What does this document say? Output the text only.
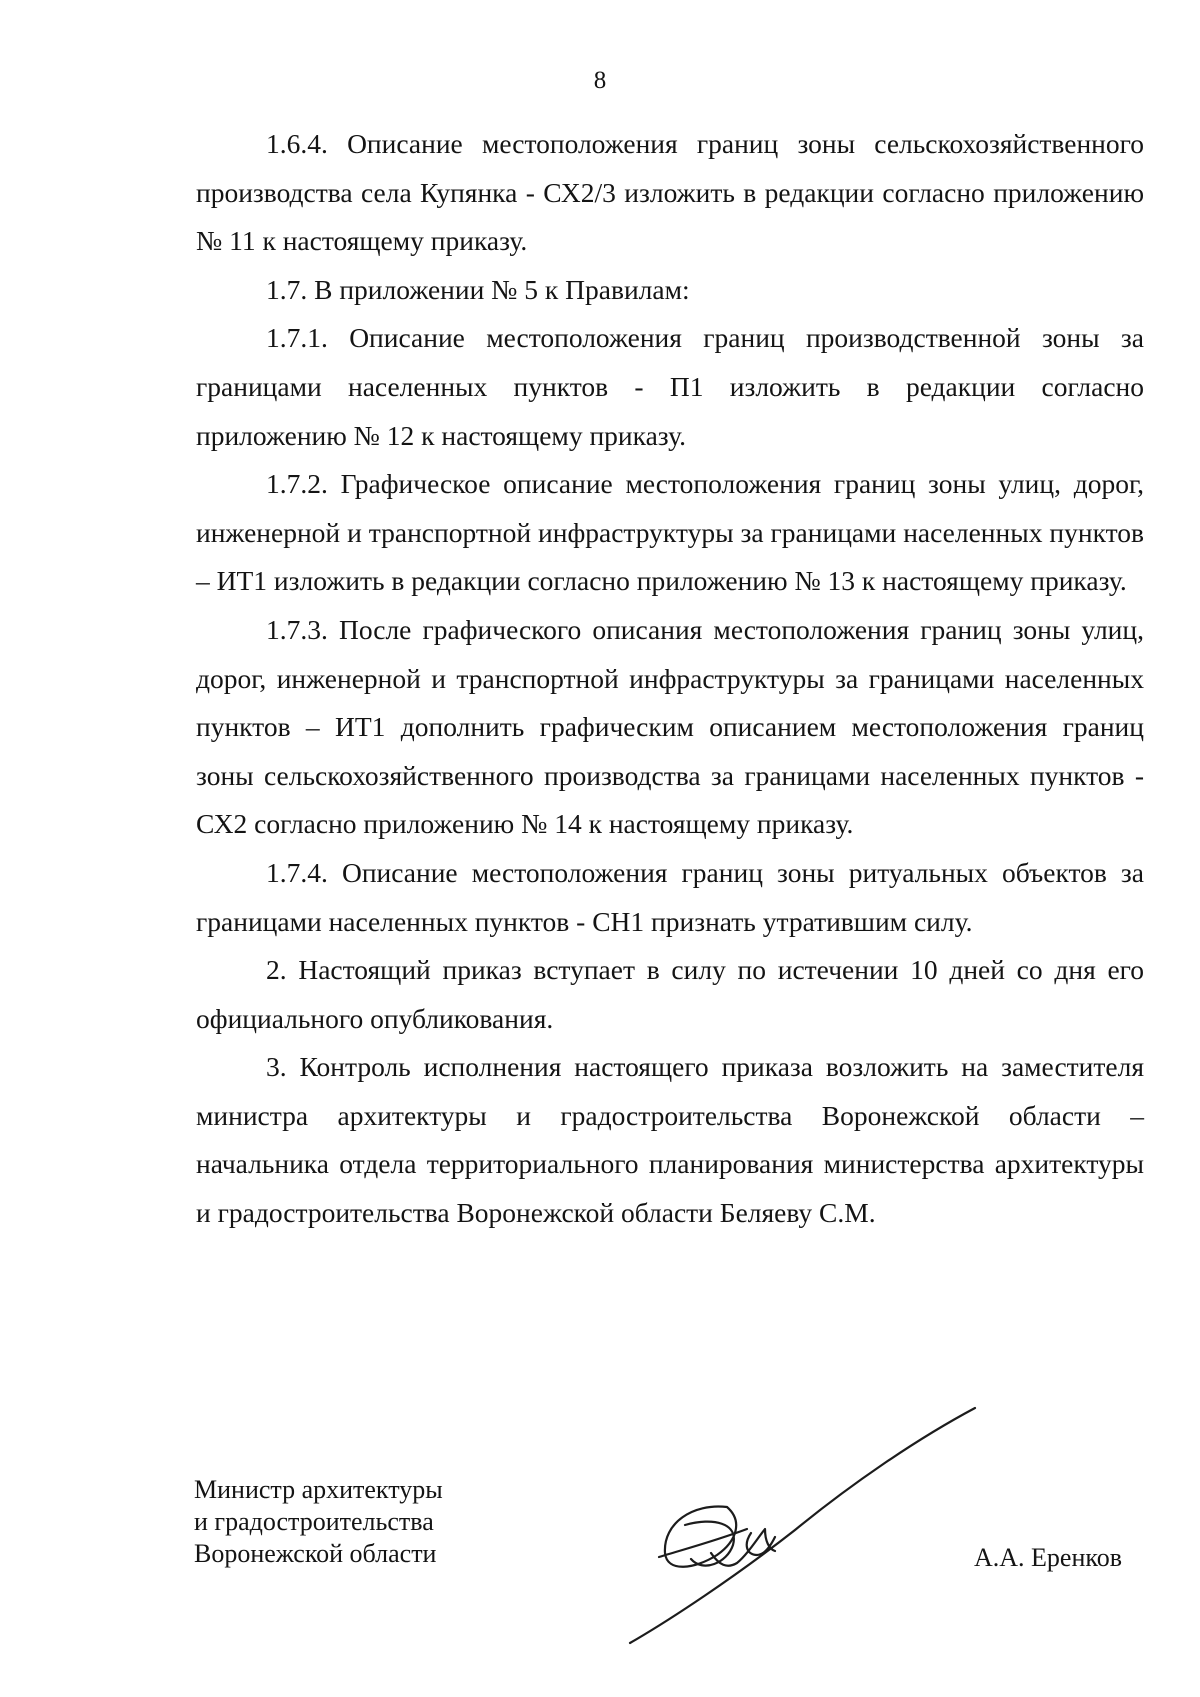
8

1.6.4. Описание местоположения границ зоны сельскохозяйственного производства села Купянка - СХ2/3 изложить в редакции согласно приложению № 11 к настоящему приказу.

1.7. В приложении № 5 к Правилам:

1.7.1. Описание местоположения границ производственной зоны за границами населенных пунктов - П1 изложить в редакции согласно приложению № 12 к настоящему приказу.

1.7.2. Графическое описание местоположения границ зоны улиц, дорог, инженерной и транспортной инфраструктуры за границами населенных пунктов – ИТ1 изложить в редакции согласно приложению № 13 к настоящему приказу.

1.7.3. После графического описания местоположения границ зоны улиц, дорог, инженерной и транспортной инфраструктуры за границами населенных пунктов – ИТ1 дополнить графическим описанием местоположения границ зоны сельскохозяйственного производства за границами населенных пунктов - СХ2 согласно приложению № 14 к настоящему приказу.

1.7.4. Описание местоположения границ зоны ритуальных объектов за границами населенных пунктов - СН1 признать утратившим силу.

2. Настоящий приказ вступает в силу по истечении 10 дней со дня его официального опубликования.

3. Контроль исполнения настоящего приказа возложить на заместителя министра архитектуры и градостроительства Воронежской области – начальника отдела территориального планирования министерства архитектуры и градостроительства Воронежской области Беляеву С.М.

Министр архитектуры
и градостроительства
Воронежской области	А.А. Еренков
